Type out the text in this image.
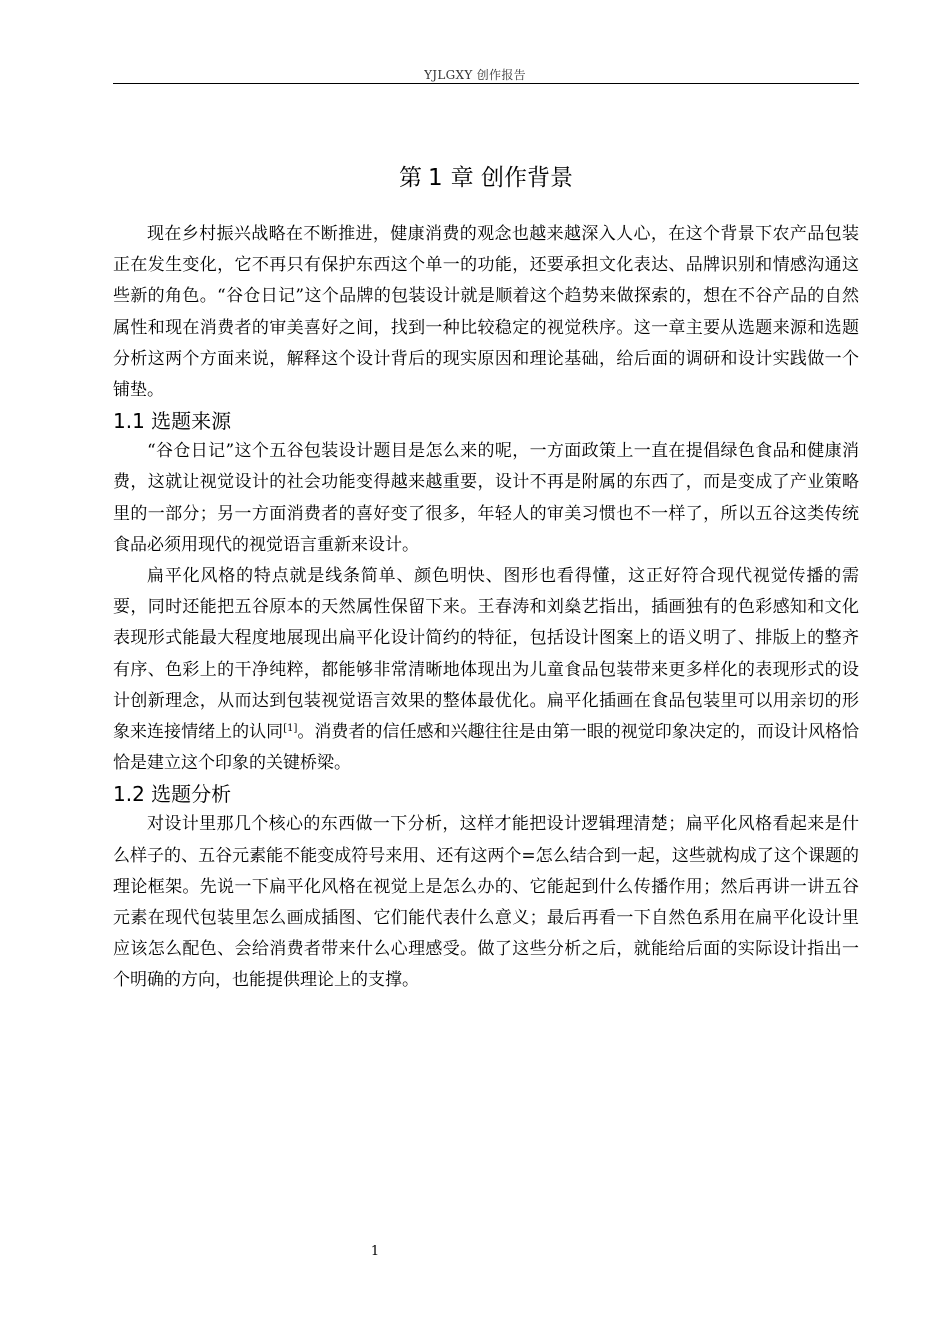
YJLGXY 创作报告
第 1 章 创作背景

现在乡村振兴战略在不断推进，健康消费的观念也越来越深入人心，在这个背景下农产品包装正在发生变化，它不再只有保护东西这个单一的功能，还要承担文化表达、品牌识别和情感沟通这些新的角色。“谷仓日记”这个品牌的包装设计就是顺着这个趋势来做探索的，想在不谷产品的自然属性和现在消费者的审美喜好之间，找到一种比较稳定的视觉秩序。这一章主要从选题来源和选题分析这两个方面来说，解释这个设计背后的现实原因和理论基础，给后面的调研和设计实践做一个铺垫。

1.1 选题来源

“谷仓日记”这个五谷包装设计题目是怎么来的呢，一方面政策上一直在提倡绿色食品和健康消费，这就让视觉设计的社会功能变得越来越重要，设计不再是附属的东西了，而是变成了产业策略里的一部分；另一方面消费者的喜好变了很多，年轻人的审美习惯也不一样了，所以五谷这类传统食品必须用现代的视觉语言重新来设计。

扁平化风格的特点就是线条简单、颜色明快、图形也看得懂，这正好符合现代视觉传播的需要，同时还能把五谷原本的天然属性保留下来。王春涛和刘燊艺指出，插画独有的色彩感知和文化表现形式能最大程度地展现出扁平化设计简约的特征，包括设计图案上的语义明了、排版上的整齐有序、色彩上的干净纯粹，都能够非常清晰地体现出为儿童食品包装带来更多样化的表现形式的设计创新理念，从而达到包装视觉语言效果的整体最优化。扁平化插画在食品包装里可以用亲切的形象来连接情绪上的认同[1]。消费者的信任感和兴趣往往是由第一眼的视觉印象决定的，而设计风格恰恰是建立这个印象的关键桥梁。

1.2 选题分析

对设计里那几个核心的东西做一下分析，这样才能把设计逻辑理清楚；扁平化风格看起来是什么样子的、五谷元素能不能变成符号来用、还有这两个=怎么结合到一起，这些就构成了这个课题的理论框架。先说一下扁平化风格在视觉上是怎么办的、它能起到什么传播作用；然后再讲一讲五谷元素在现代包装里怎么画成插图、它们能代表什么意义；最后再看一下自然色系用在扁平化设计里应该怎么配色、会给消费者带来什么心理感受。做了这些分析之后，就能给后面的实际设计指出一个明确的方向，也能提供理论上的支撑。

1
